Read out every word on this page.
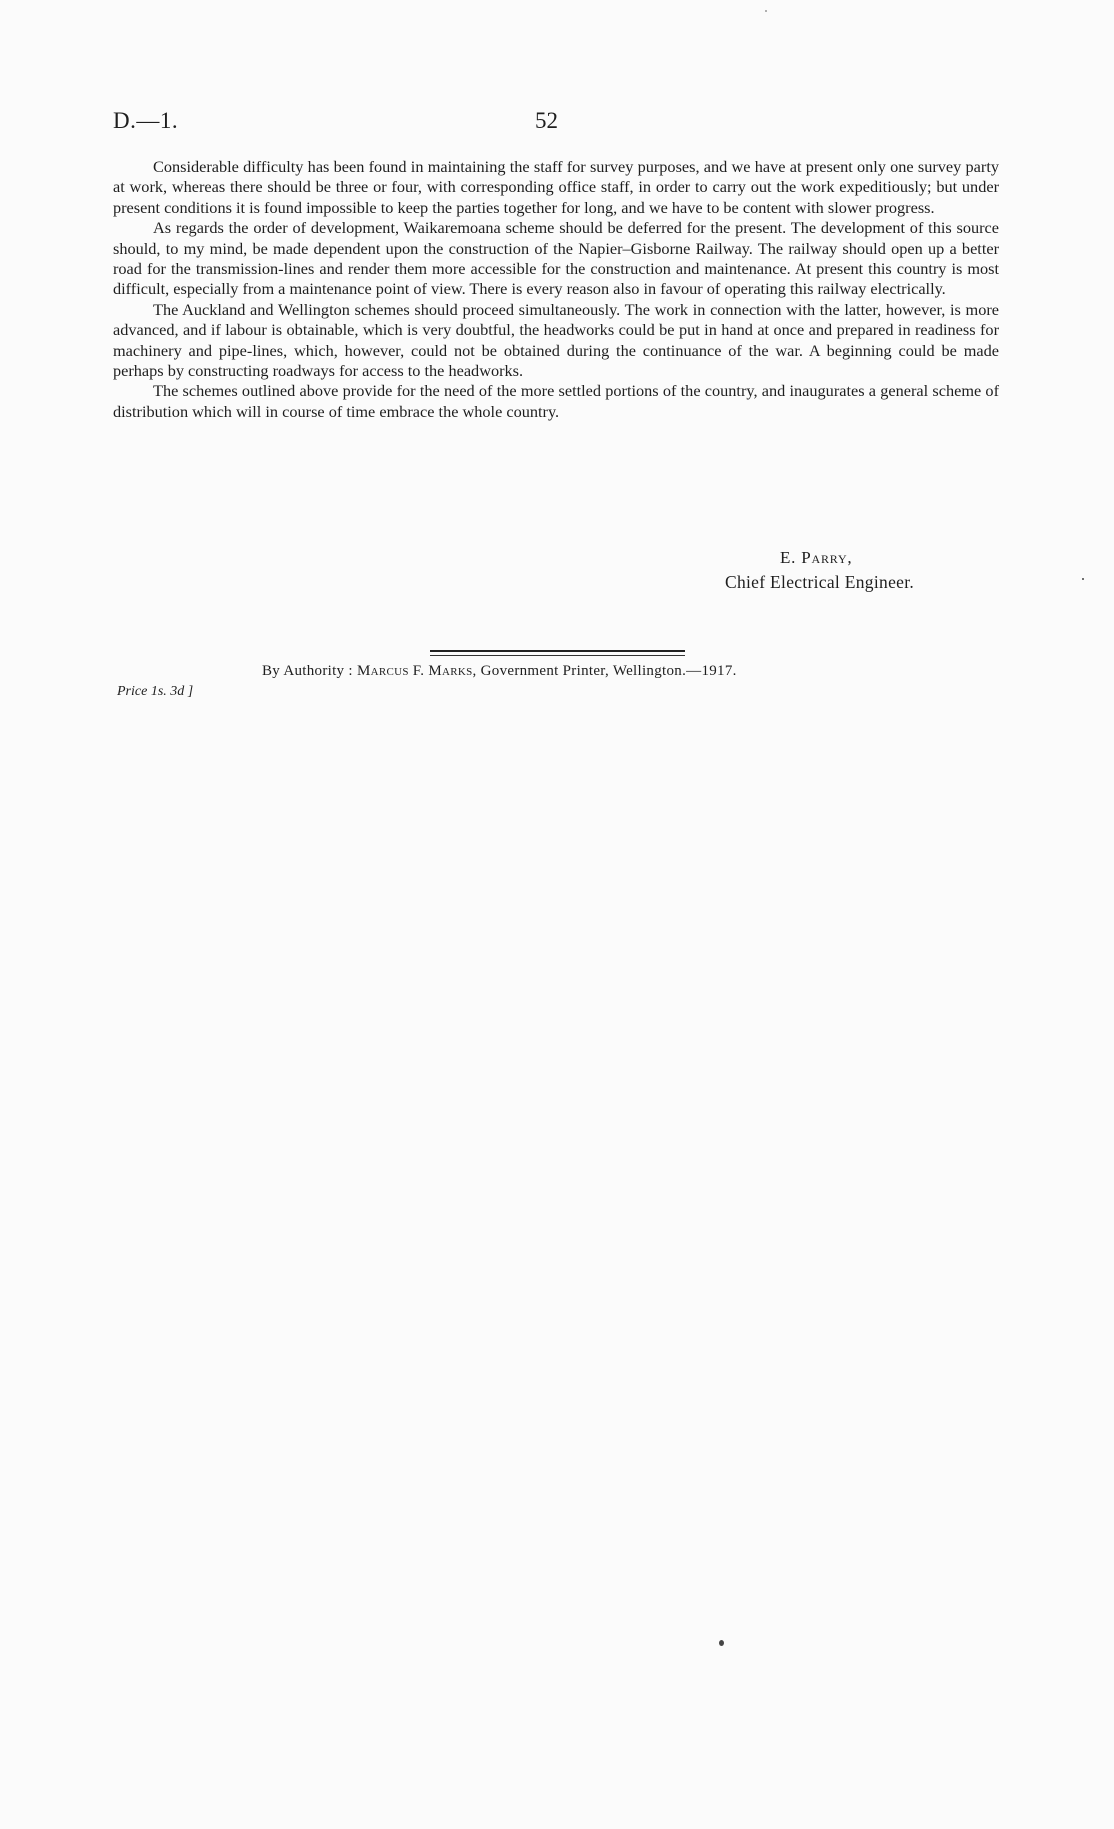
D.—1.	52

Considerable difficulty has been found in maintaining the staff for survey purposes, and we have at present only one survey party at work, whereas there should be three or four, with corresponding office staff, in order to carry out the work expeditiously; but under present conditions it is found impossible to keep the parties together for long, and we have to be content with slower progress.

As regards the order of development, Waikaremoana scheme should be deferred for the present. The development of this source should, to my mind, be made dependent upon the construction of the Napier–Gisborne Railway. The railway should open up a better road for the transmission-lines and render them more accessible for the construction and maintenance. At present this country is most difficult, especially from a maintenance point of view. There is every reason also in favour of operating this railway electrically.

The Auckland and Wellington schemes should proceed simultaneously. The work in connection with the latter, however, is more advanced, and if labour is obtainable, which is very doubtful, the headworks could be put in hand at once and prepared in readiness for machinery and pipe-lines, which, however, could not be obtained during the continuance of the war. A beginning could be made perhaps by constructing roadways for access to the headworks.

The schemes outlined above provide for the need of the more settled portions of the country, and inaugurates a general scheme of distribution which will in course of time embrace the whole country.

E. Parry,
Chief Electrical Engineer.
By Authority : Marcus F. Marks, Government Printer, Wellington.—1917.
Price 1s. 3d ]
